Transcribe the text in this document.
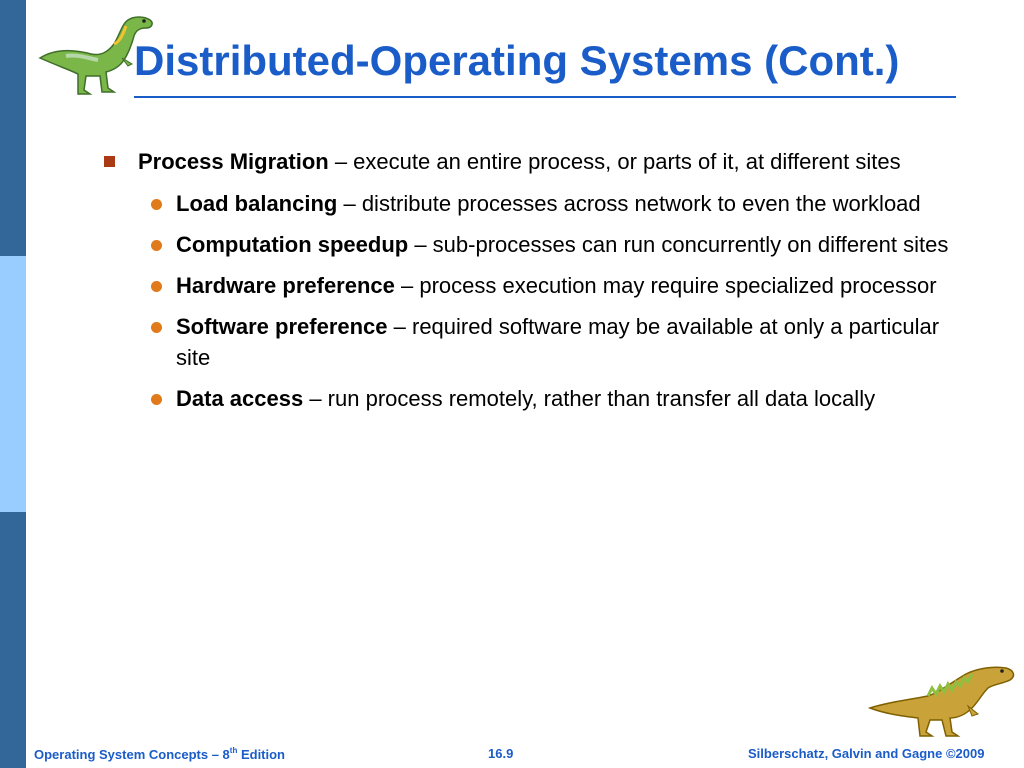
Distributed-Operating Systems (Cont.)
Process Migration – execute an entire process, or parts of it, at different sites
Load balancing – distribute processes across network to even the workload
Computation speedup – sub-processes can run concurrently on different sites
Hardware preference – process execution may require specialized processor
Software preference – required software may be available at only a particular site
Data access – run process remotely, rather than transfer all data locally
Operating System Concepts – 8th Edition	16.9	Silberschatz, Galvin and Gagne ©2009
